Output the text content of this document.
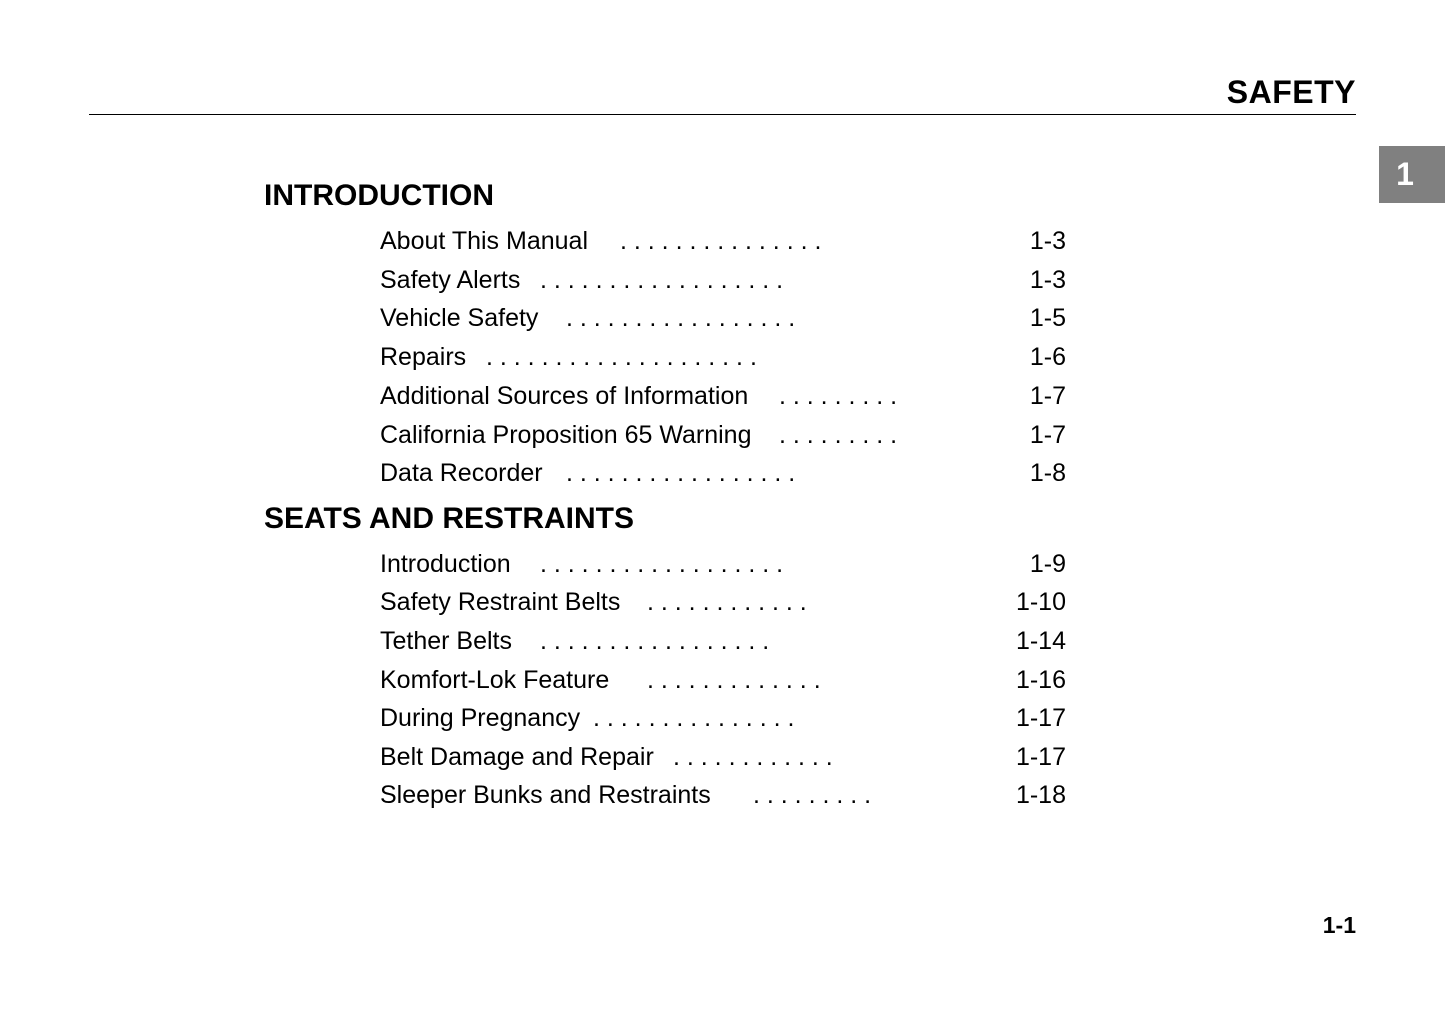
SAFETY
1
INTRODUCTION
About This Manual . . . . . . . . . . . . . . .	1-3
Safety Alerts . . . . . . . . . . . . . . . . . .	1-3
Vehicle Safety . . . . . . . . . . . . . . . . .	1-5
Repairs . . . . . . . . . . . . . . . . . . . .	1-6
Additional Sources of Information . . . . . . . . .	1-7
California Proposition 65 Warning . . . . . . . . .	1-7
Data Recorder . . . . . . . . . . . . . . . . .	1-8
SEATS AND RESTRAINTS
Introduction . . . . . . . . . . . . . . . . . .	1-9
Safety Restraint Belts . . . . . . . . . . . .	1-10
Tether Belts . . . . . . . . . . . . . . . . .	1-14
Komfort-Lok Feature . . . . . . . . . . . . .	1-16
During Pregnancy . . . . . . . . . . . . . . .	1-17
Belt Damage and Repair . . . . . . . . . . . .	1-17
Sleeper Bunks and Restraints . . . . . . . . .	1-18
1-1
